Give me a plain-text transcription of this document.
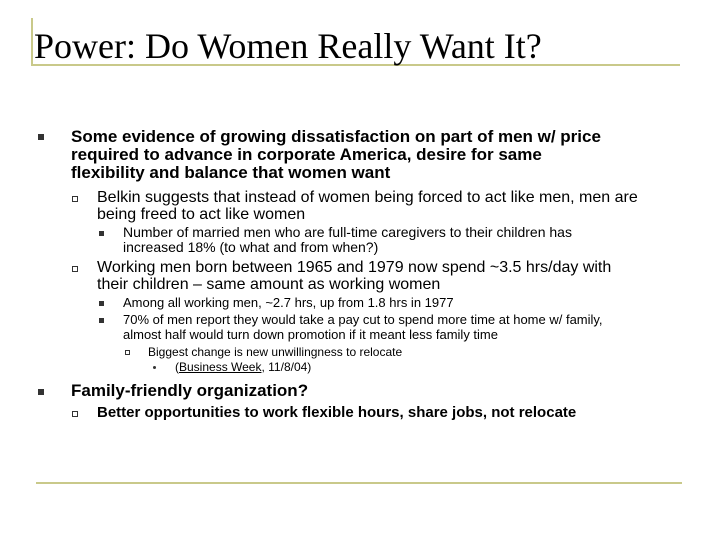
Power: Do Women Really Want It?
Some evidence of growing dissatisfaction on part of men w/ price
required to advance in corporate America, desire for same
flexibility and balance that women want
Belkin suggests that instead of women being forced to act like men, men are
being freed to act like women
Number of married men who are full-time caregivers to their children has
increased 18% (to what and from when?)
Working men born between 1965 and 1979 now spend ~3.5 hrs/day with
their children – same amount as working women
Among all working men, ~2.7 hrs, up from 1.8 hrs in 1977
70% of men report they would take a pay cut to spend more time at home w/ family,
almost half would turn down promotion if it meant less family time
Biggest change is new unwillingness to relocate
(Business Week, 11/8/04)
Family-friendly organization?
Better opportunities to work flexible hours, share jobs, not relocate
